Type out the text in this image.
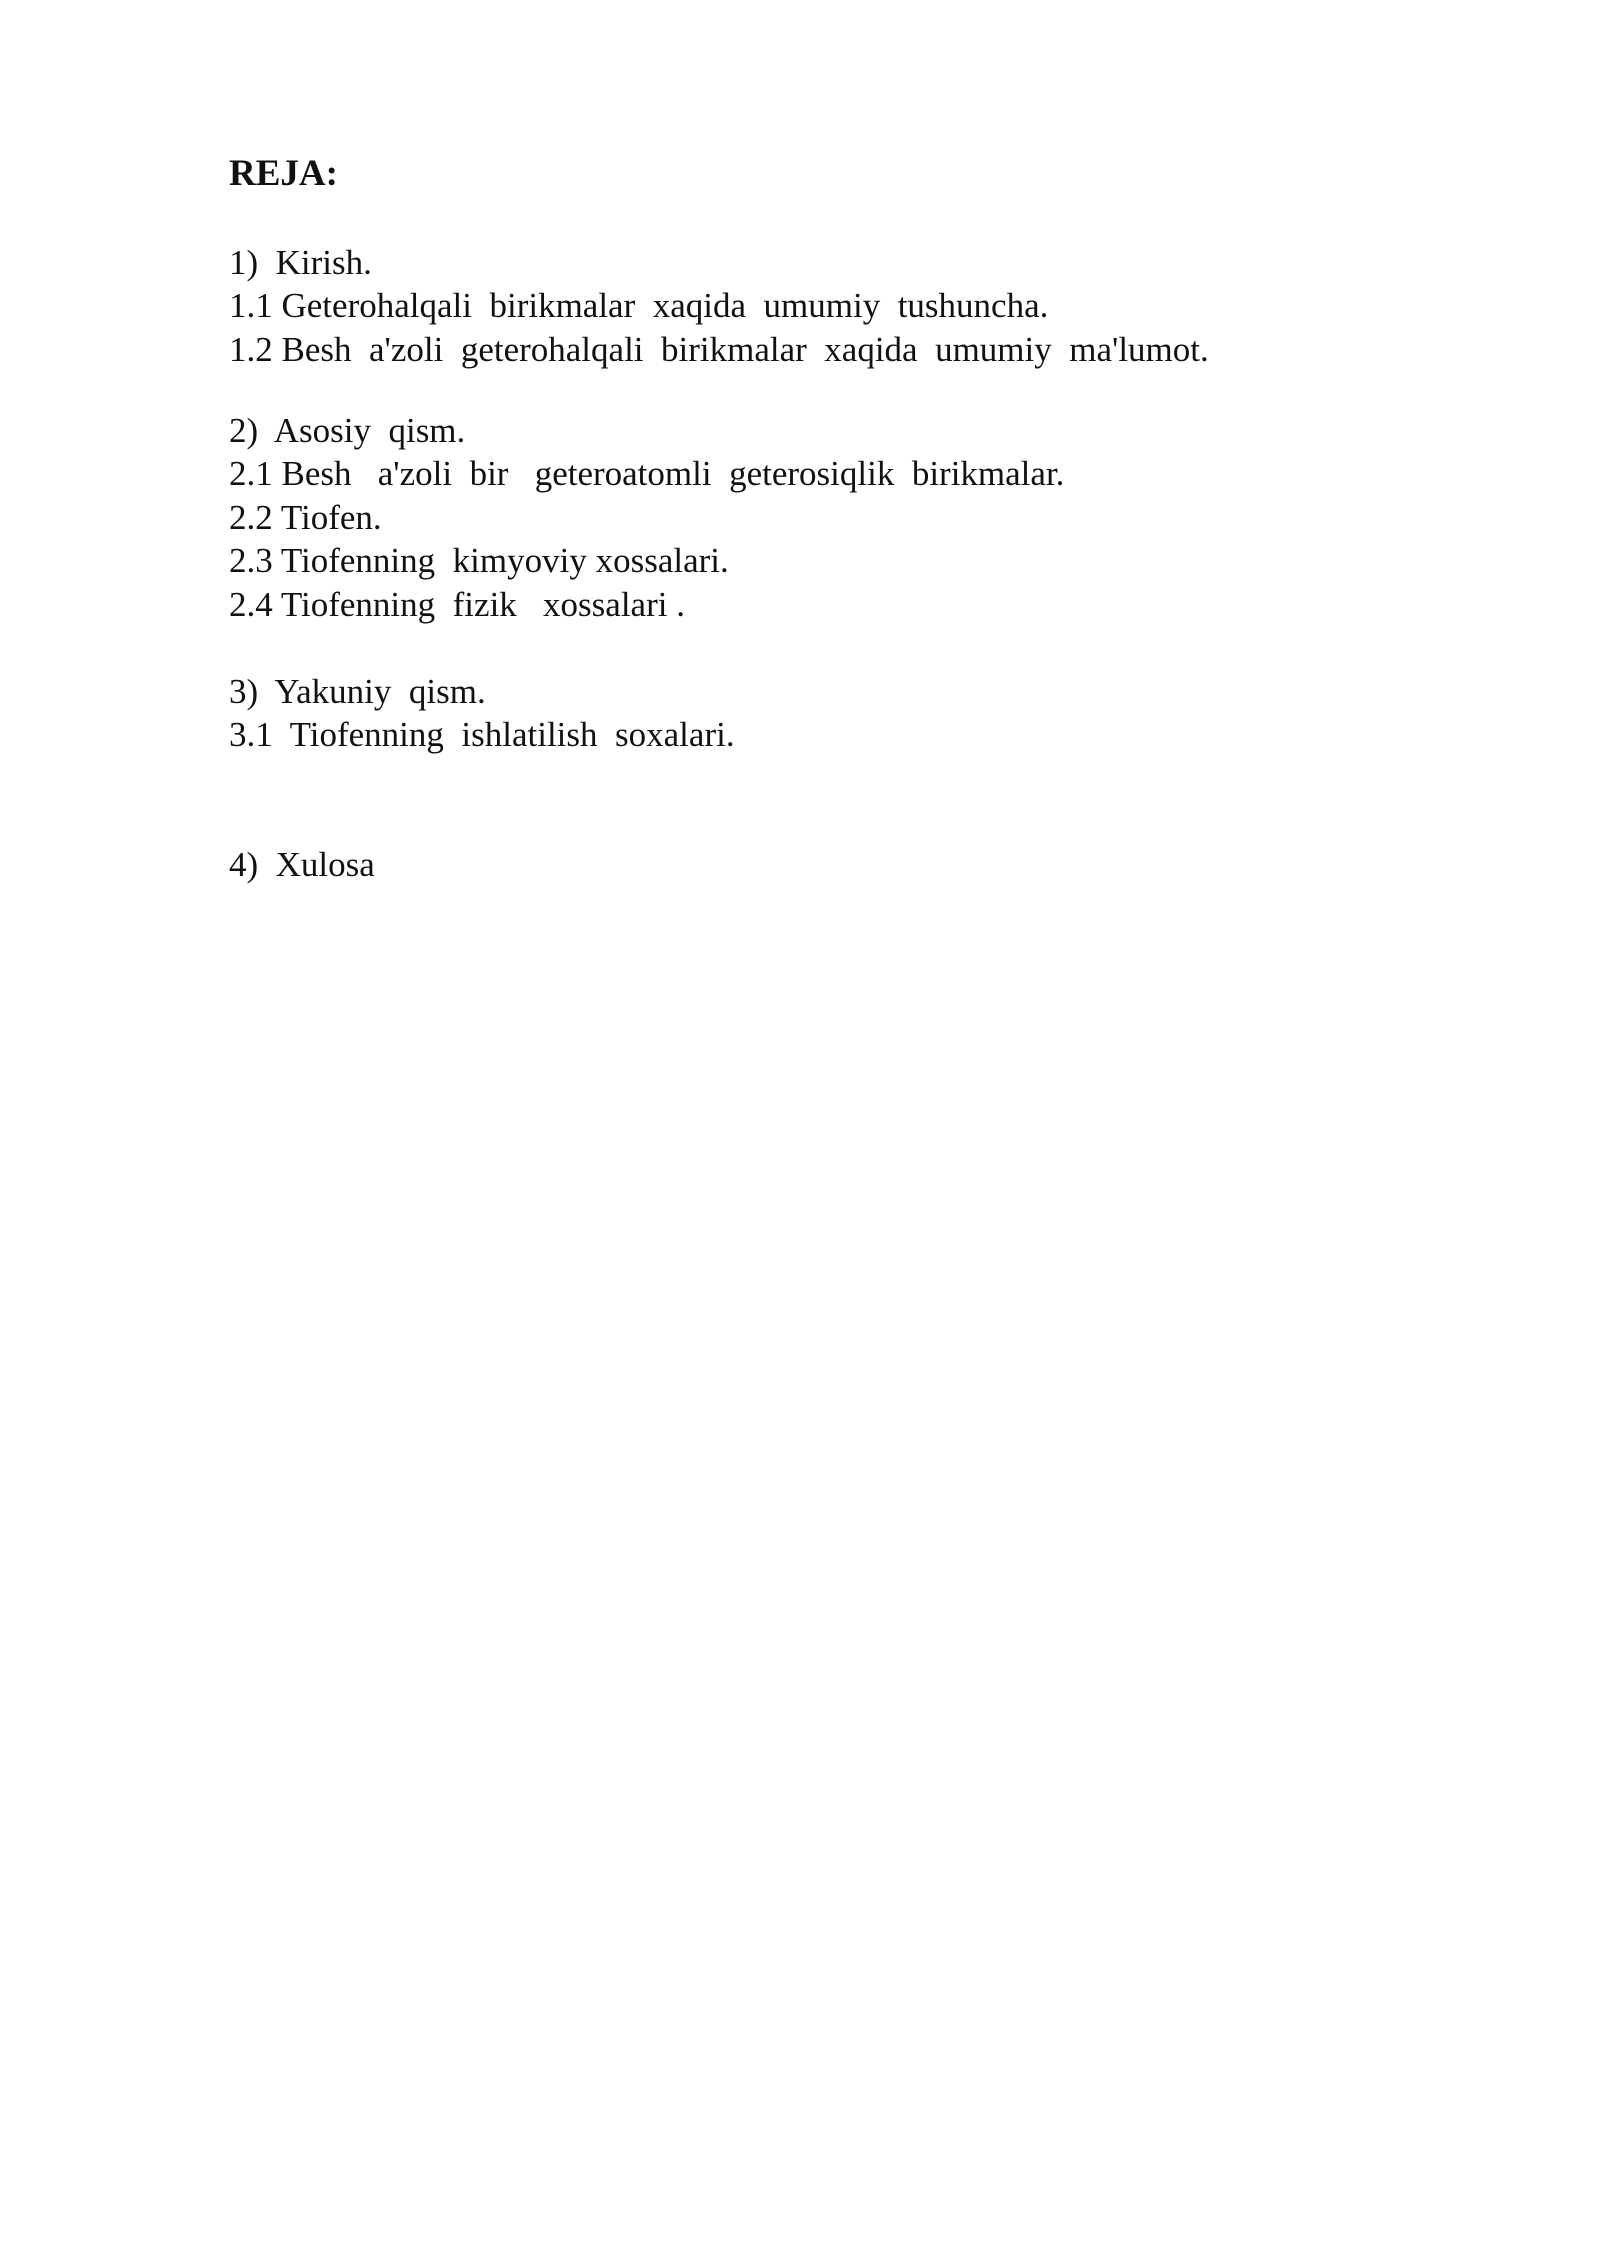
REJA:
1)  Kirish.
1.1 Geterohalqali  birikmalar  xaqida  umumiy  tushuncha.
1.2 Besh  a'zoli  geterohalqali  birikmalar  xaqida  umumiy  ma'lumot.
2)  Asosiy  qism.
2.1 Besh   a'zoli  bir   geteroatomli  geterosiqlik  birikmalar.
2.2 Tiofen.
2.3 Tiofenning  kimyoviy xossalari.
2.4 Tiofenning  fizik   xossalari .
3)  Yakuniy  qism.
3.1  Tiofenning  ishlatilish  soxalari.
4)  Xulosa
